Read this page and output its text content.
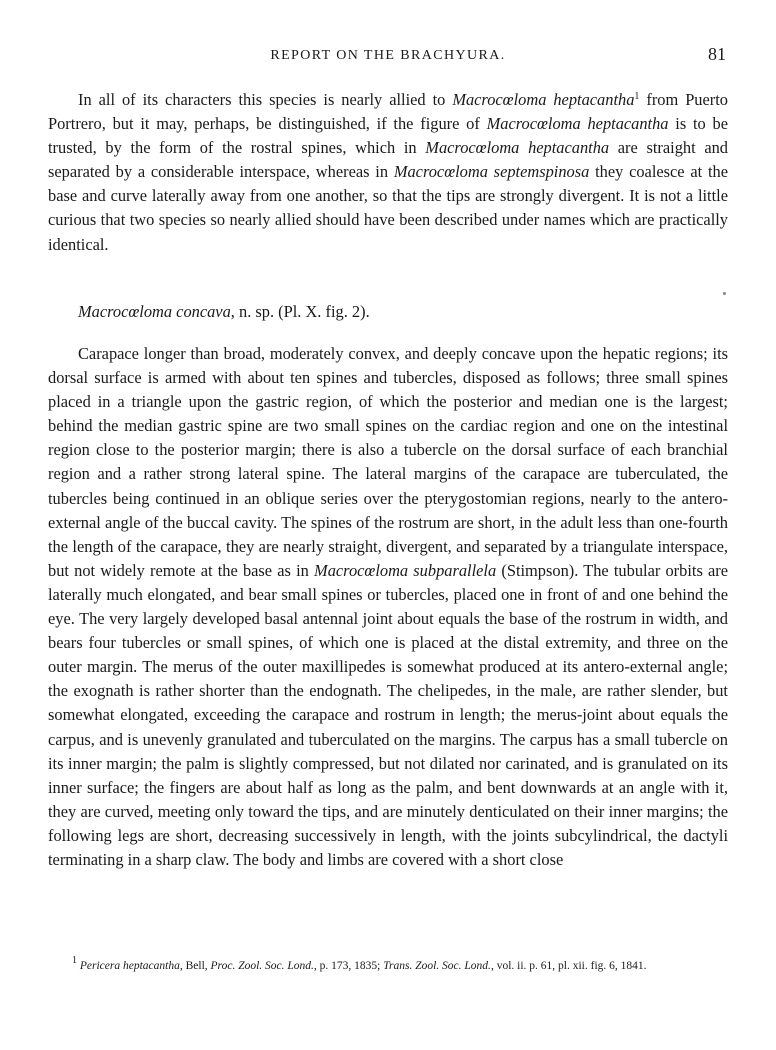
REPORT ON THE BRACHYURA.	81

In all of its characters this species is nearly allied to Macrocœloma heptacantha$^1$ from Puerto Portrero, but it may, perhaps, be distinguished, if the figure of Macrocœloma heptacantha is to be trusted, by the form of the rostral spines, which in Macrocœloma heptacantha are straight and separated by a considerable interspace, whereas in Macrocœloma septemspinosa they coalesce at the base and curve laterally away from one another, so that the tips are strongly divergent. It is not a little curious that two species so nearly allied should have been described under names which are practically identical.

Macrocœloma concava, n. sp. (Pl. X. fig. 2).

Carapace longer than broad, moderately convex, and deeply concave upon the hepatic regions; its dorsal surface is armed with about ten spines and tubercles, disposed as follows; three small spines placed in a triangle upon the gastric region, of which the posterior and median one is the largest; behind the median gastric spine are two small spines on the cardiac region and one on the intestinal region close to the posterior margin; there is also a tubercle on the dorsal surface of each branchial region and a rather strong lateral spine. The lateral margins of the carapace are tuberculated, the tubercles being continued in an oblique series over the pterygostomian regions, nearly to the antero-external angle of the buccal cavity. The spines of the rostrum are short, in the adult less than one-fourth the length of the carapace, they are nearly straight, divergent, and separated by a triangulate interspace, but not widely remote at the base as in Macrocœloma subparallela (Stimpson). The tubular orbits are laterally much elongated, and bear small spines or tubercles, placed one in front of and one behind the eye. The very largely developed basal antennal joint about equals the base of the rostrum in width, and bears four tubercles or small spines, of which one is placed at the distal extremity, and three on the outer margin. The merus of the outer maxillipedes is somewhat produced at its antero-external angle; the exognath is rather shorter than the endognath. The chelipedes, in the male, are rather slender, but somewhat elongated, exceeding the carapace and rostrum in length; the merus-joint about equals the carpus, and is unevenly granulated and tuberculated on the margins. The carpus has a small tubercle on its inner margin; the palm is slightly compressed, but not dilated nor carinated, and is granulated on its inner surface; the fingers are about half as long as the palm, and bent downwards at an angle with it, they are curved, meeting only toward the tips, and are minutely denticulated on their inner margins; the following legs are short, decreasing successively in length, with the joints subcylindrical, the dactyli terminating in a sharp claw. The body and limbs are covered with a short close

$^1$ Pericera heptacantha, Bell, Proc. Zool. Soc. Lond., p. 173, 1835; Trans. Zool. Soc. Lond., vol. ii. p. 61, pl. xii. fig. 6, 1841.
